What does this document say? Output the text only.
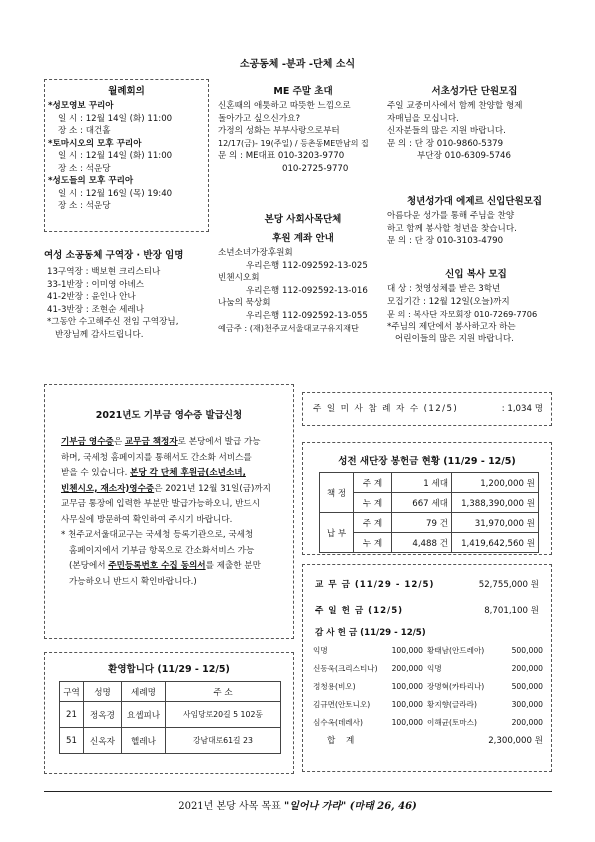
소공동체 -분과 -단체 소식
월례회의
*성모영보 꾸리아
일 시 : 12월 14일 (화) 11:00
장 소 : 대건홀
*토마시오의 모후 꾸리아
일 시 : 12월 14일 (화) 11:00
장 소 : 석운당
*성도들의 모후 꾸리아
일 시 : 12월 16일 (목) 19:40
장 소 : 석운당
ME 주말 초대
신혼때의 애틋하고 따뜻한 느낌으로
돌아가고 싶으신가요?
가정의 성화는 부부사랑으로부터
12/17(금)- 19(주일) / 등촌동ME만남의 집
문 의 : ME대표 010-3203-9770
010-2725-9770
서초성가단 단원모집
주일 교중미사에서 함께 찬양할 형제
자매님을 모십니다.
신자분들의 많은 지원 바랍니다.
문 의 : 단 장 010-9860-5379
부단장 010-6309-5746
청년성가대 에제르 신입단원모집
아름다운 성가를 통해 주님을 찬양
하고 함께 봉사할 청년을 찾습니다.
문 의 : 단 장 010-3103-4790
본당 사회사목단체
후원 계좌 안내
소년소녀가장후원회
우리은행 112-092592-13-025
빈첸시오회
우리은행 112-092592-13-016
나눔의 묵상회
우리은행 112-092592-13-055
예금주 : (재)천주교서울대교구유지재단
여성 소공동체 구역장 · 반장 임명
13구역장 : 백보현 크리스티나
33-1반장 : 이미영 아녜스
41-2반장 : 윤인나 안나
41-3반장 : 조현순 세레나
*그동안 수고해주신 전임 구역장님,
반장님께 감사드립니다.
신입 복사 모집
대 상 : 첫영성체를 받은 3학년
모집기간 : 12월 12일(오늘)까지
문 의 : 복사단 자모회장 010-7269-7706
*주님의 제단에서 봉사하고자 하는
어린이들의 많은 지원 바랍니다.
2021년도 기부금 영수증 발급신청
기부금 영수증은 교무금 책정자로 본당에서 발급 가능
하며, 국세청 홈페이지를 통해서도 간소화 서비스를
받을 수 있습니다. 본당 각 단체 후원금(소년소녀,
빈첸시오, 재소자)영수증은 2021년 12월 31일(금)까지
교무금 통장에 입력한 부분만 발급가능하오니, 반드시
사무실에 방문하여 확인하여 주시기 바랍니다.
* 천주교서울대교구는 국세청 등록기관으로, 국세청
홈페이지에서 기부금 항목으로 간소화서비스 가능
(본당에서 주민등록번호 수집 동의서를 제출한 분만
가능하오니 반드시 확인바랍니다.)
주 일 미 사 참 례 자 수 (12/5)	: 1,034 명
성전 새단장 봉헌금 현황 (11/29 - 12/5)
책 정	주 계	1 세대	1,200,000 원
	누 계	667 세대	1,388,390,000 원
납 부	주 계	79 건	31,970,000 원
	누 계	4,488 건	1,419,642,560 원
교 무 금 (11/29 - 12/5)	52,755,000 원
주 일 헌 금 (12/5)	8,701,100 원
감 사 헌 금 (11/29 - 12/5)
익명	100,000 황태남(안드레아)	500,000
신동욱(크리스티나)	200,000 익명	200,000
정청용(비오)	100,000 장명혁(카타리나)	500,000
김규면(안토니오)	100,000 황지향(글라라)	300,000
심수옥(데레사)	100,000 이해균(토마스)	200,000
합 계	2,300,000 원
환영합니다 (11/29 - 12/5)
구역	성명	세례명	주 소
21	정옥경	요셉피나	사임당로20길 5 102동
51	신옥자	헬레나	강남대로61길 23
2021년 본당 사목 목표 "일어나 가라" (마태 26, 46)
